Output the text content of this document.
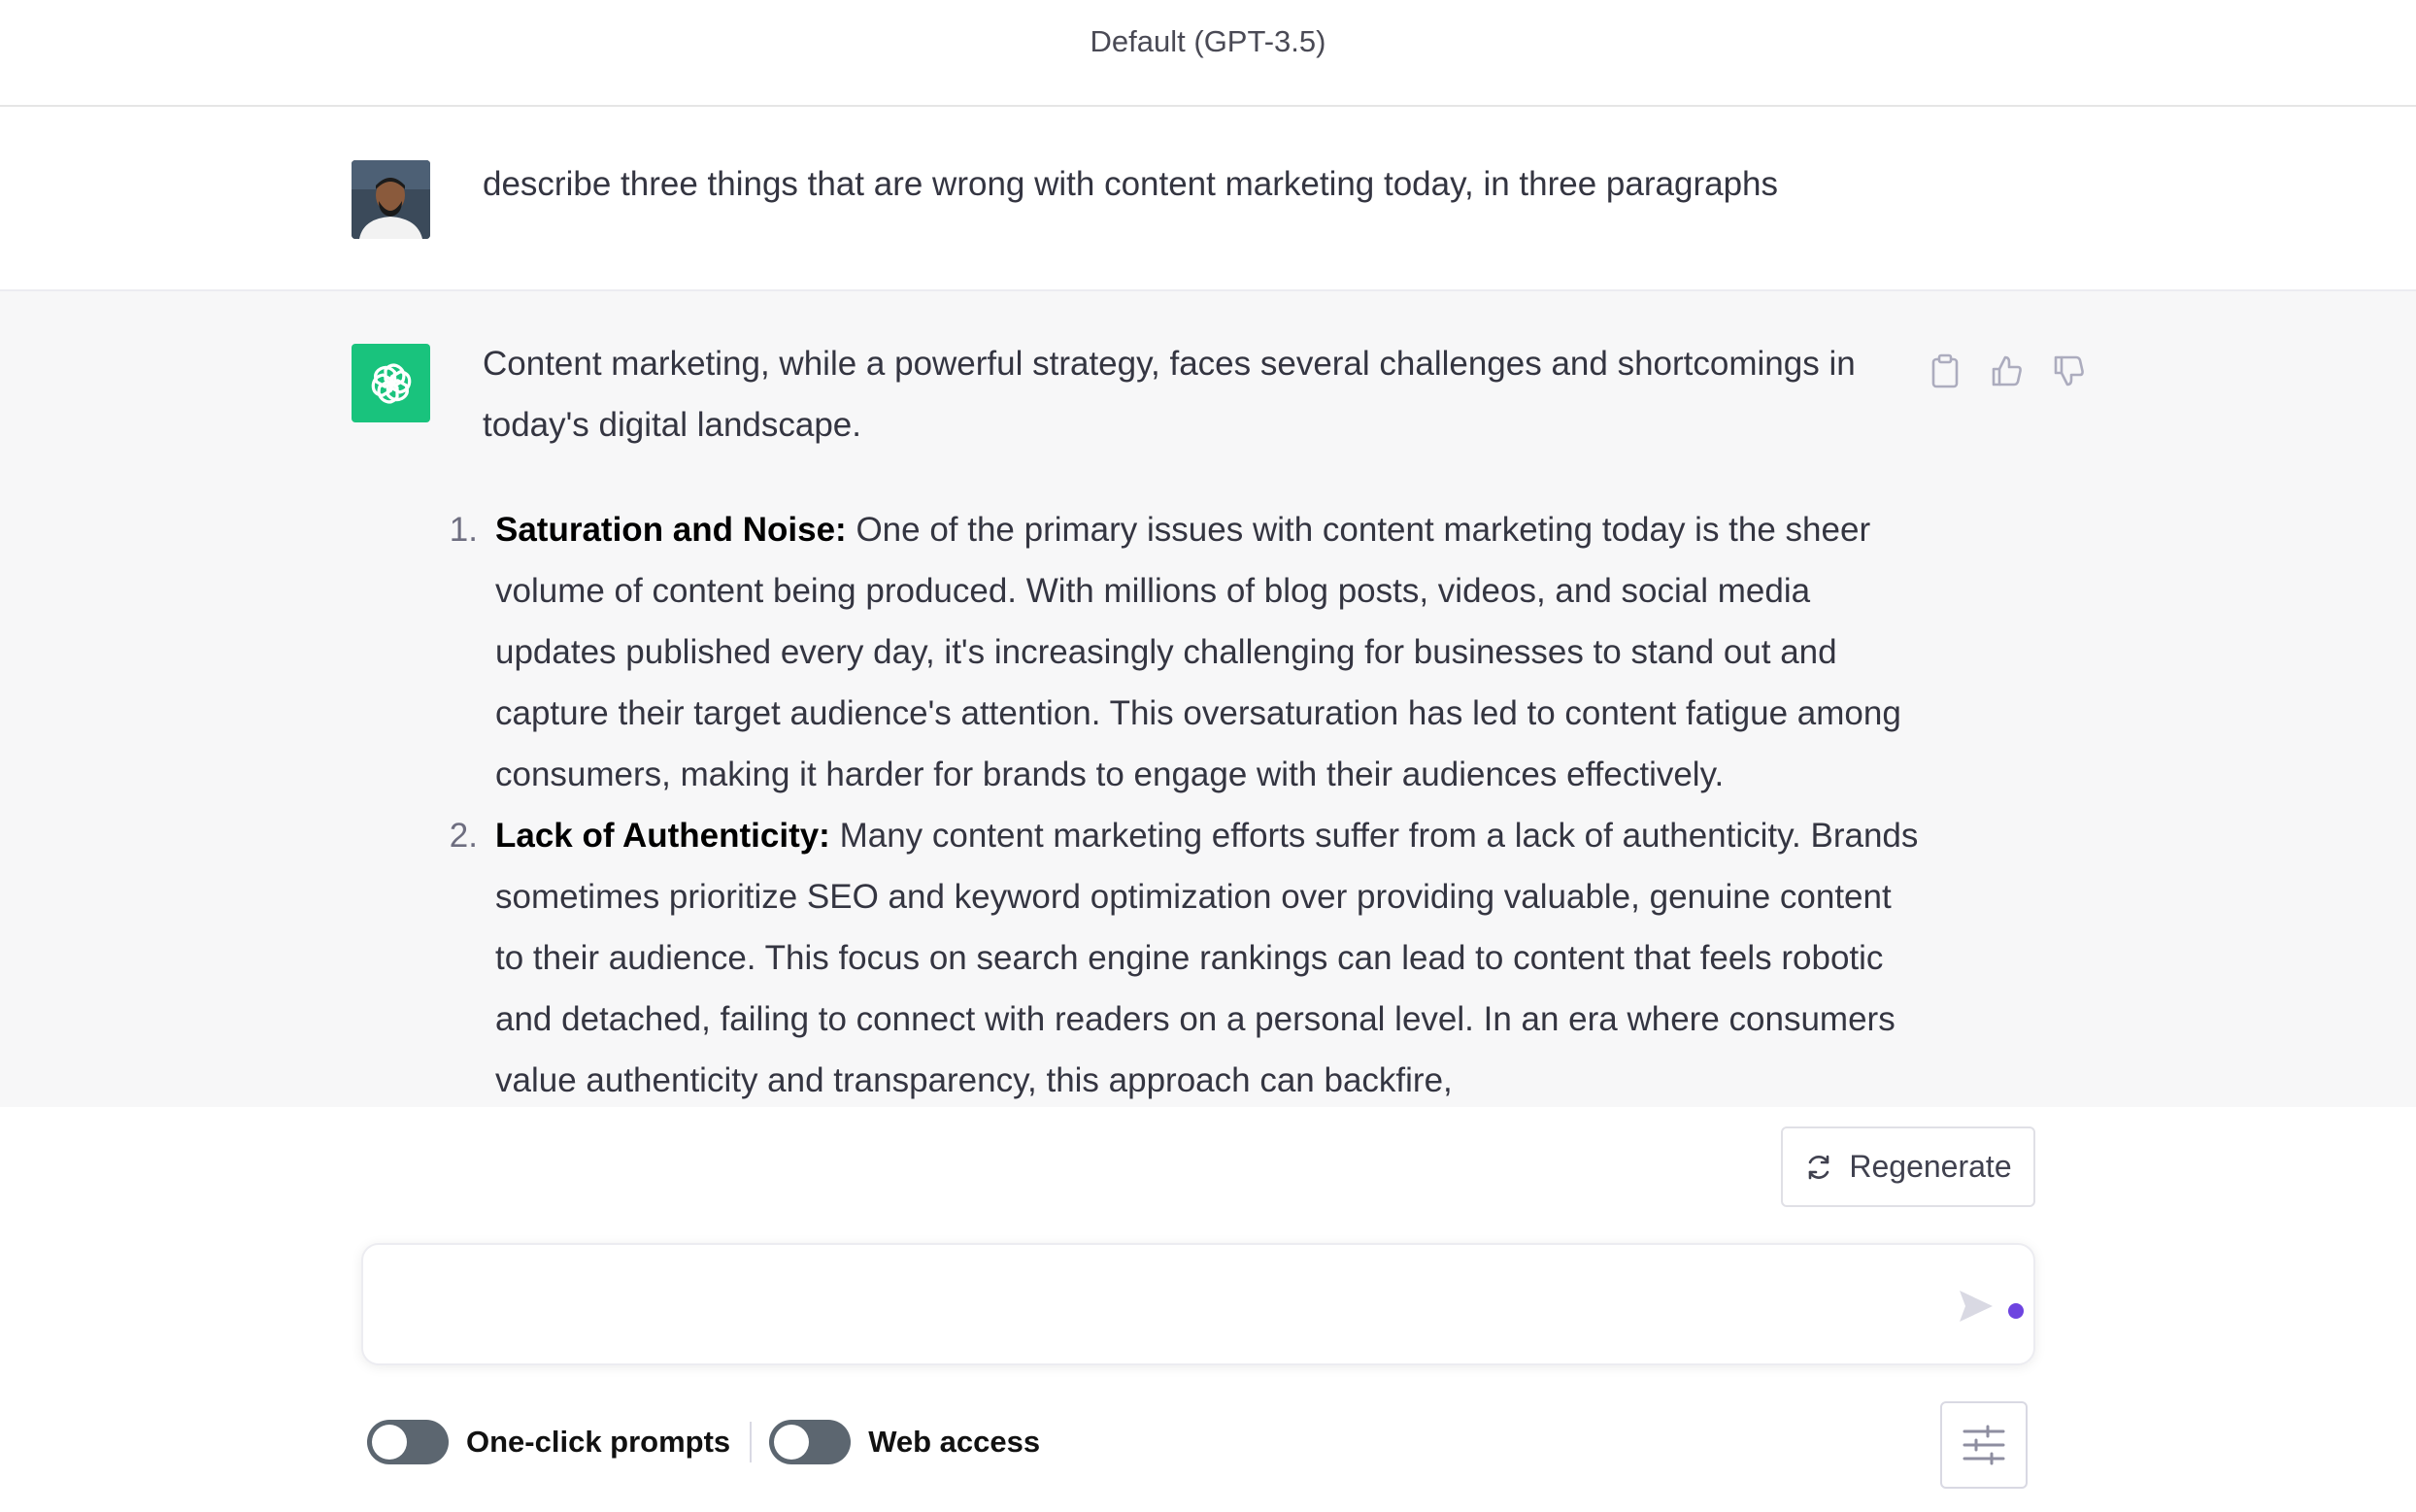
Default (GPT-3.5)
describe three things that are wrong with content marketing today, in three paragraphs

Content marketing, while a powerful strategy, faces several challenges and shortcomings in today's digital landscape.

1. Saturation and Noise: One of the primary issues with content marketing today is the sheer volume of content being produced. With millions of blog posts, videos, and social media updates published every day, it's increasingly challenging for businesses to stand out and capture their target audience's attention. This oversaturation has led to content fatigue among consumers, making it harder for brands to engage with their audiences effectively.
2. Lack of Authenticity: Many content marketing efforts suffer from a lack of authenticity. Brands sometimes prioritize SEO and keyword optimization over providing valuable, genuine content to their audience. This focus on search engine rankings can lead to content that feels robotic and detached, failing to connect with readers on a personal level. In an era where consumers value authenticity and transparency, this approach can backfire,
Regenerate
One-click prompts	Web access
